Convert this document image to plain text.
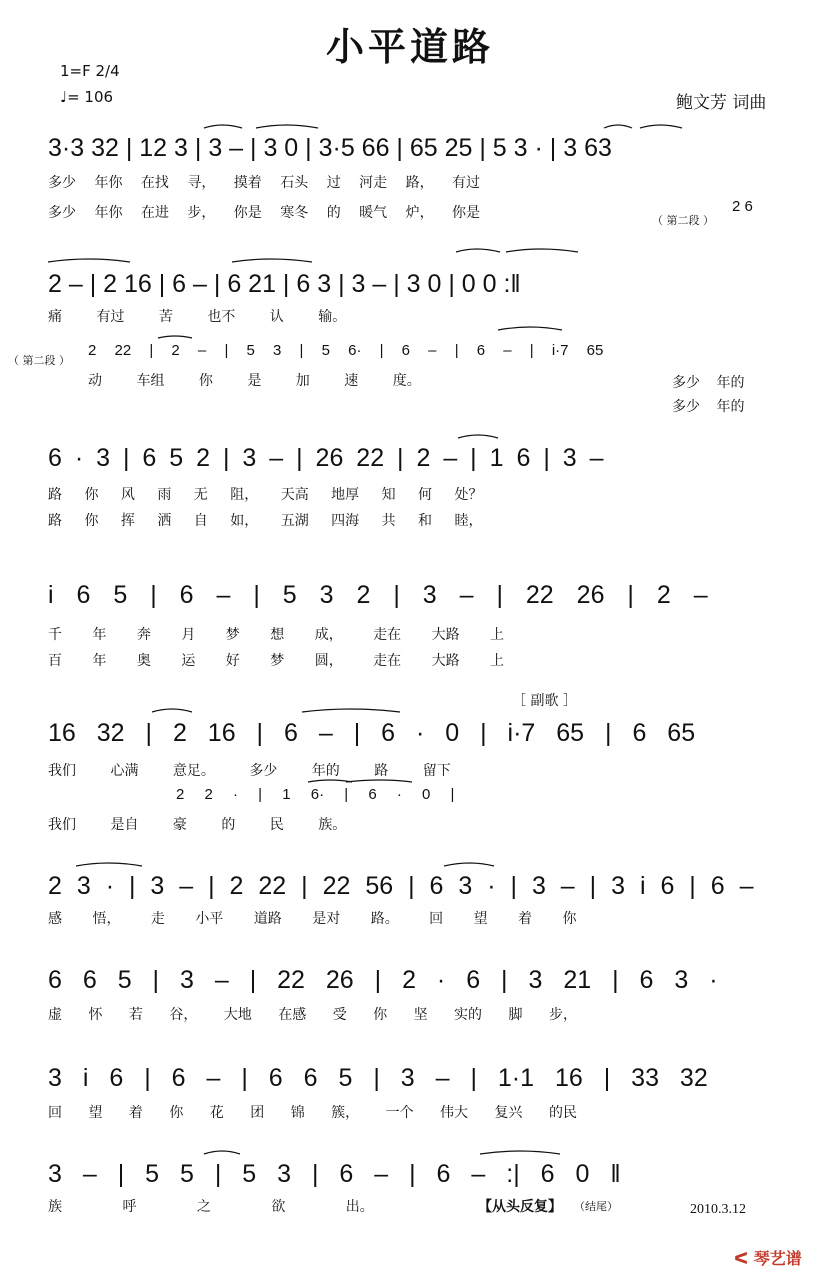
小平道路
1=F 2/4
♩= 106	鲍文芳 词曲
3·3 32 | 12 3 | 3 – | 3 0 | 3·5 66 | 65 25 | 5 3 · | 3 63
多少 年你 在找 寻， 摸着 石头 过 河走 路， 有过
多少 年你 在进 步， 你是 寒冬 的 暖气 炉， 你是	（ 第二段 ）
2 6
2 – | 2 16 | 6 – | 6 21 | 6 3 | 3 – | 3 0 | 0 0 :‖
痛 有过 苦 也不 认 输。
（ 第二段 ）
2 22 | 2 – | 5 3 | 5 6· | 6 – | 6 – | i·7 65
动 车组 你 是 加 速 度。	多少 年的
多少 年的
6 · 3 | 6 5 2 | 3 – | 26 22 | 2 – | 1 6 | 3 –
路 你 风 雨 无 阻， 天高 地厚 知 何 处？
路 你 挥 洒 自 如， 五湖 四海 共 和 睦，
i 6 5 | 6 – | 5 3 2 | 3 – | 22 26 | 2 –
千 年 奔 月 梦 想 成， 走在 大路 上
百 年 奥 运 好 梦 圆， 走在 大路 上
［ 副歌 ］
16 32 | 2 16 | 6 – | 6 · 0 | i·7 65 | 6 65
我们 心满 意足。 多少 年的 路 留下
2 2 · | 1 6· | 6 · 0 |
我们 是自 豪 的 民 族。
2 3 · | 3 – | 2 22 | 22 56 | 6 3 · | 3 – | 3 i 6 | 6 –
感 悟， 走 小平 道路 是对 路。 回 望 着 你
6 6 5 | 3 – | 22 26 | 2 · 6 | 3 21 | 6 3 ·
虚 怀 若 谷， 大地 在感 受 你 坚 实的 脚 步，
3 i 6 | 6 – | 6 6 5 | 3 – | 1·1 16 | 33 32
回 望 着 你 花 团 锦 簇， 一个 伟大 复兴 的民
3 – | 5 5 | 5 3 | 6 – | 6 – :| 6 0 ‖
族 呼 之 欲 出。	【从头反复】 （结尾）	2010.3.12
ᐸ 琴艺谱
